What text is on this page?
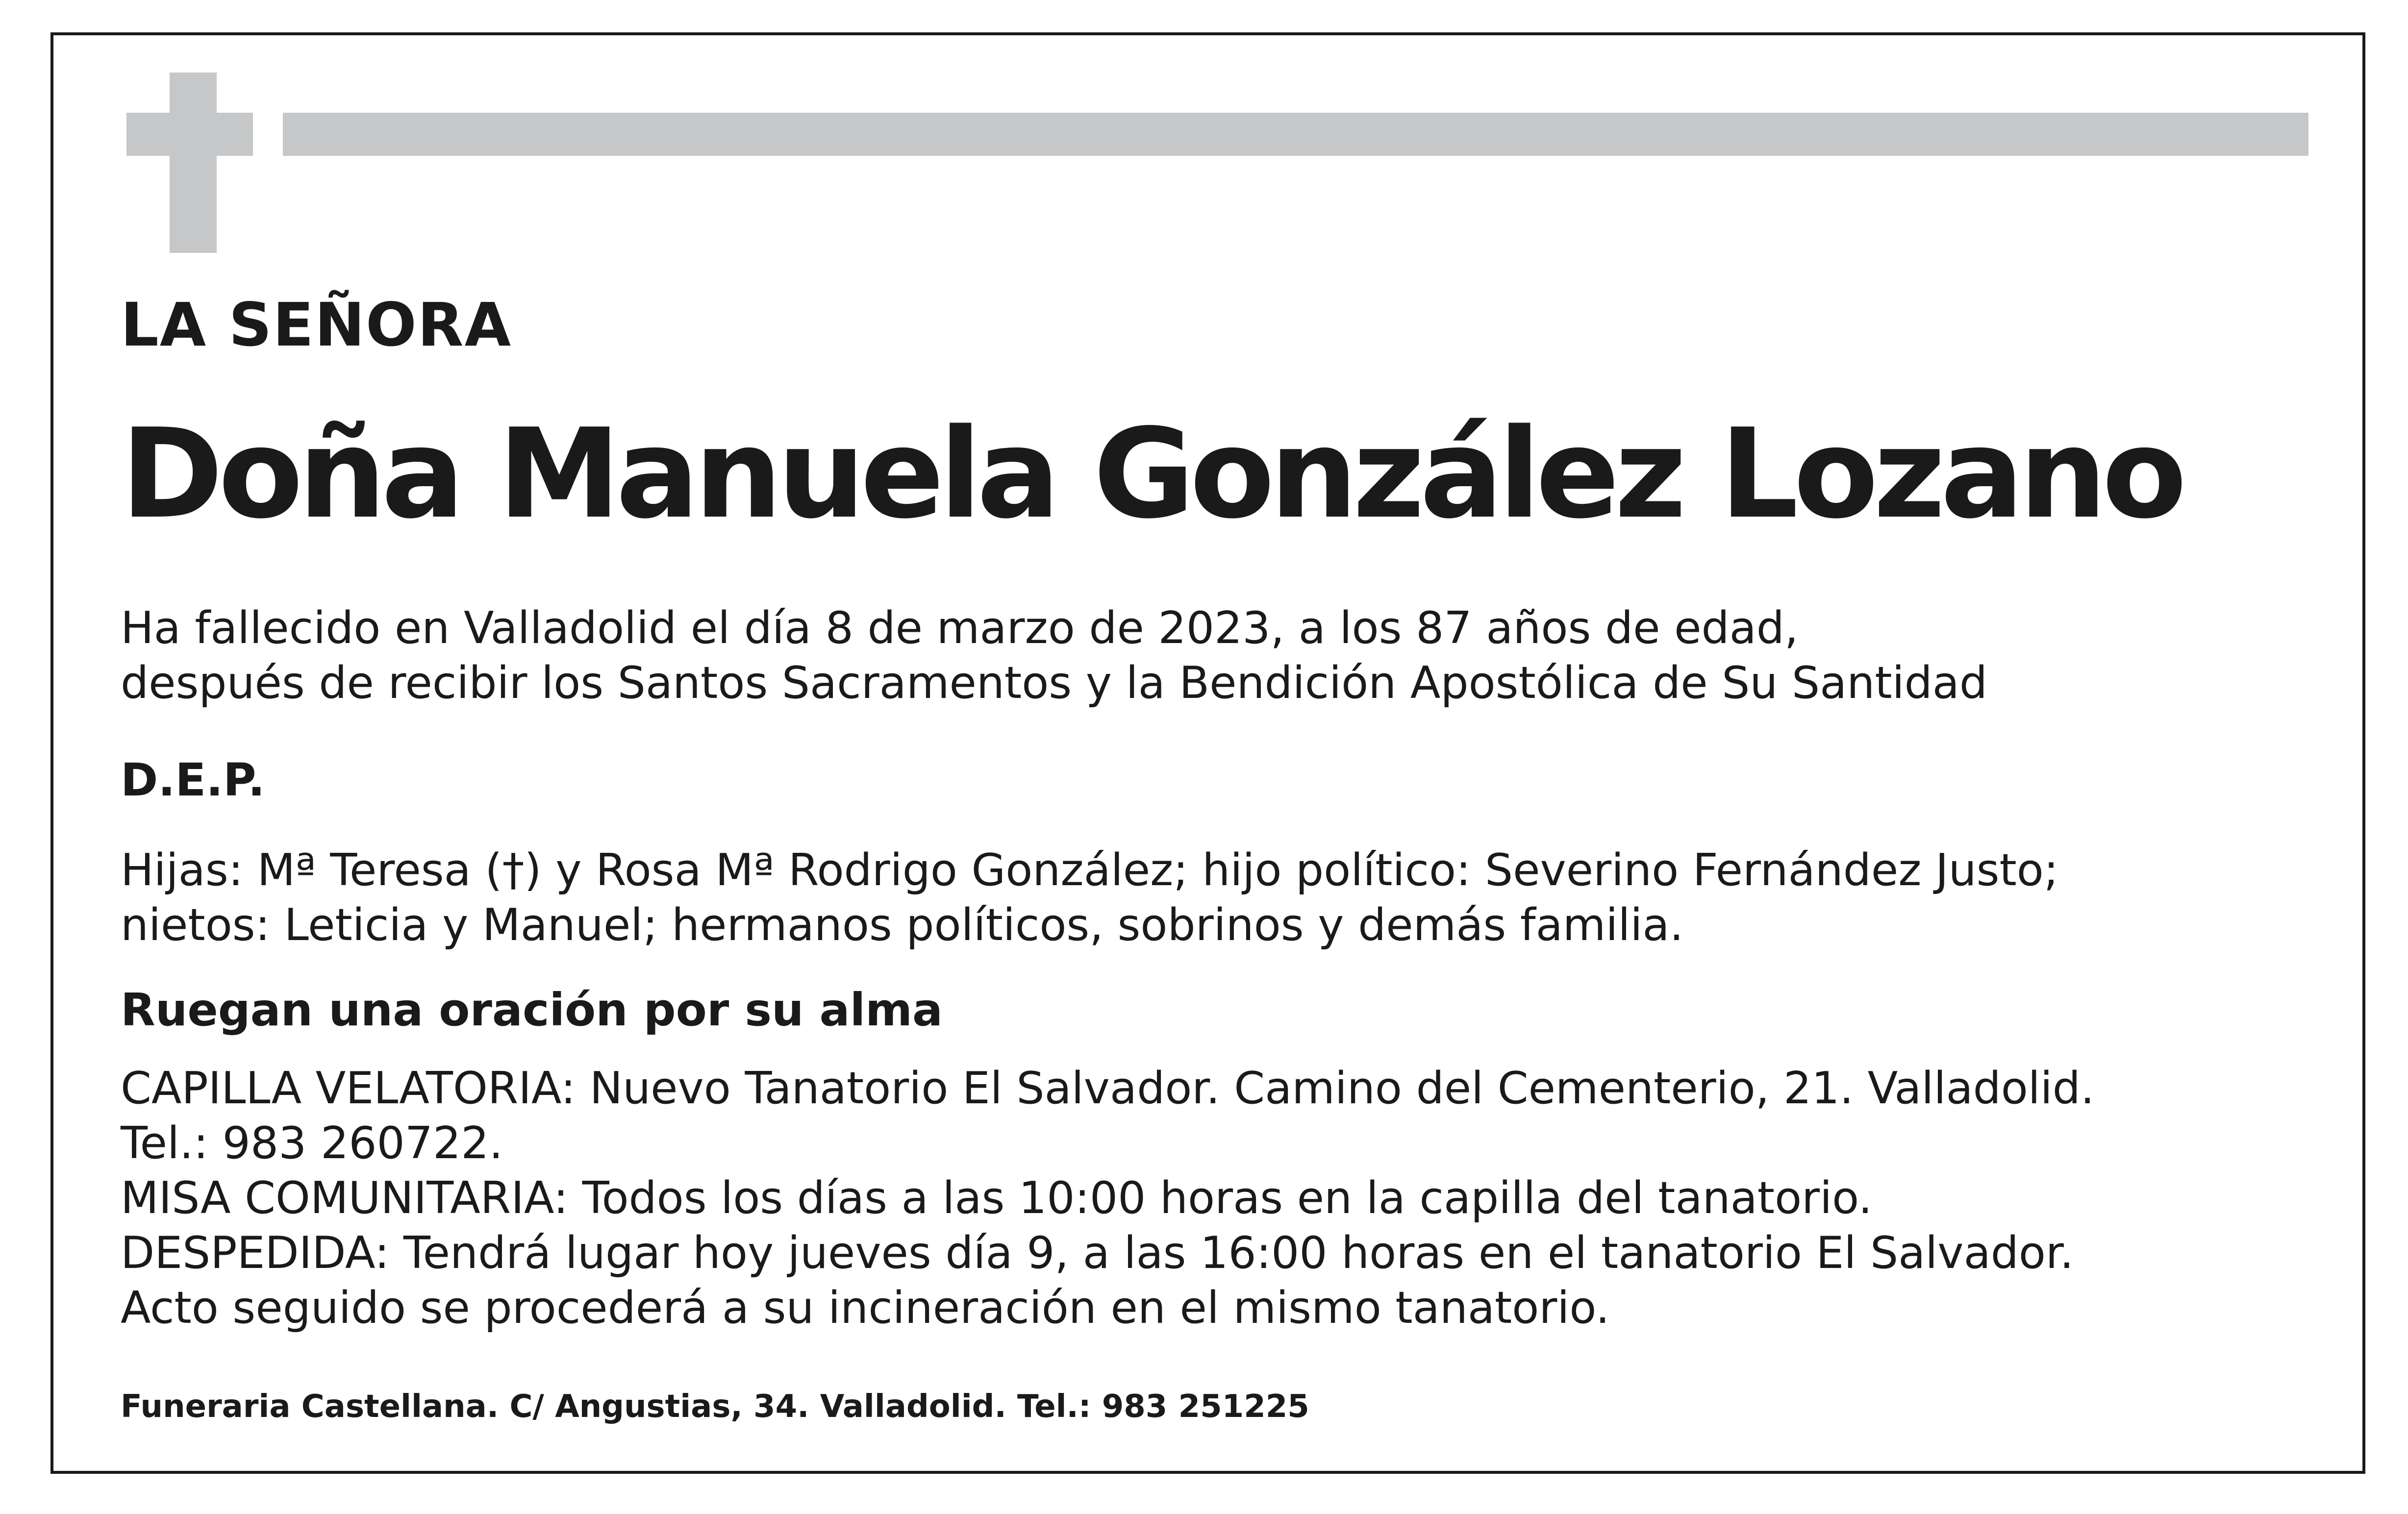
LA SEÑORA

Doña Manuela González Lozano

Ha fallecido en Valladolid el día 8 de marzo de 2023, a los 87 años de edad,
después de recibir los Santos Sacramentos y la Bendición Apostólica de Su Santidad

D.E.P.

Hijas: Mª Teresa (†) y Rosa Mª Rodrigo González; hijo político: Severino Fernández Justo;
nietos: Leticia y Manuel; hermanos políticos, sobrinos y demás familia.

Ruegan una oración por su alma

CAPILLA VELATORIA: Nuevo Tanatorio El Salvador. Camino del Cementerio, 21. Valladolid.
Tel.: 983 260722.
MISA COMUNITARIA: Todos los días a las 10:00 horas en la capilla del tanatorio.
DESPEDIDA: Tendrá lugar hoy jueves día 9, a las 16:00 horas en el tanatorio El Salvador.
Acto seguido se procederá a su incineración en el mismo tanatorio.

Funeraria Castellana. C/ Angustias, 34. Valladolid. Tel.: 983 251225
